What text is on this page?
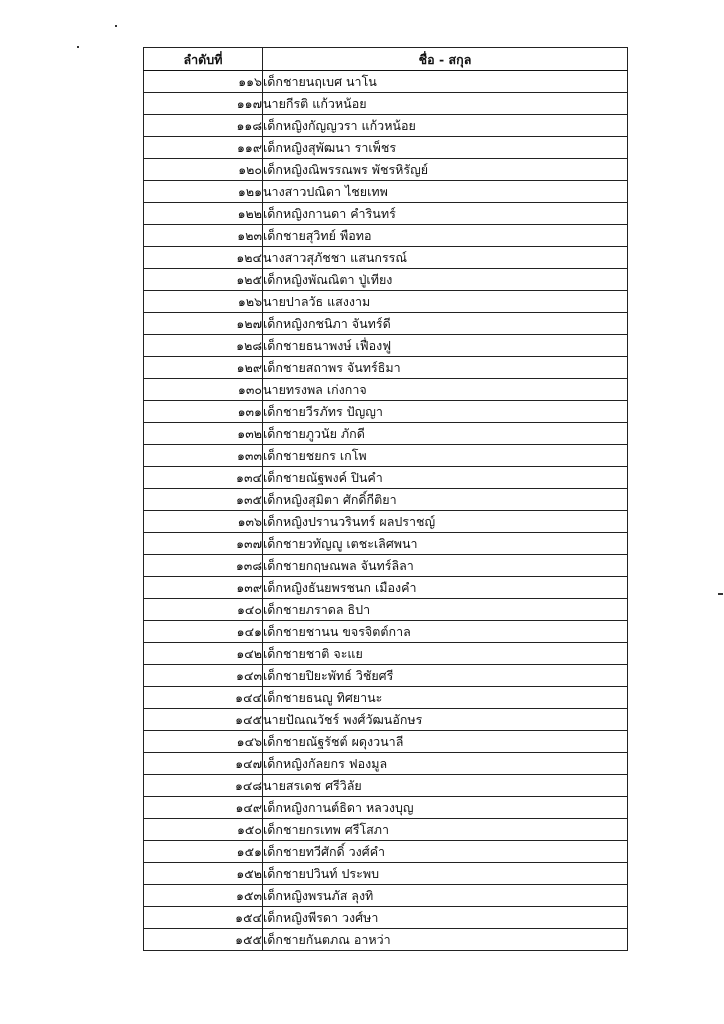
ลำดับที่	ชื่อ - สกุล
๑๑๖	เด็กชายนฤเบศ นาโน
๑๑๗	นายกีรติ แก้วหน้อย
๑๑๘	เด็กหญิงกัญญวรา แก้วหน้อย
๑๑๙	เด็กหญิงสุพัฒนา ราเพ็ชร
๑๒๐	เด็กหญิงณิพรรณพร พัชรหิรัญย์
๑๒๑	นางสาวปณิดา ไชยเทพ
๑๒๒	เด็กหญิงกานดา คำรินทร์
๑๒๓	เด็กชายสุวิทย์ พือทอ
๑๒๔	นางสาวสุภัชชา แสนกรรณ์
๑๒๕	เด็กหญิงพัณณิตา ปู่เทียง
๑๒๖	นายปาลวัธ แสงงาม
๑๒๗	เด็กหญิงกชนิภา จันทร์ดี
๑๒๘	เด็กชายธนาพงษ์ เฟื่องฟู
๑๒๙	เด็กชายสถาพร จันทร์ธิมา
๑๓๐	นายทรงพล เก่งกาจ
๑๓๑	เด็กชายวีรภัทร ปัญญา
๑๓๒	เด็กชายภูวนัย ภักดี
๑๓๓	เด็กชายชยกร เกโพ
๑๓๔	เด็กชายณัฐพงค์ ปินคำ
๑๓๕	เด็กหญิงสุมิตา ศักดิ์กีติยา
๑๓๖	เด็กหญิงปรานวรินทร์ ผลปราชญ์
๑๓๗	เด็กชายวทัญญู เตชะเลิศพนา
๑๓๘	เด็กชายกฤษณพล จันทร์ลิลา
๑๓๙	เด็กหญิงธันยพรชนก เมืองคำ
๑๔๐	เด็กชายภราดล ธิปา
๑๔๑	เด็กชายชานน ขจรจิตต์กาล
๑๔๒	เด็กชายชาติ จะแย
๑๔๓	เด็กชายปิยะพัทธ์ วิชัยศรี
๑๔๔	เด็กชายธนญู ทิศยานะ
๑๔๕	นายปัณณวัชร์ พงศ์วัฒนอักษร
๑๔๖	เด็กชายณัฐรัชต์ ผดุงวนาลี
๑๔๗	เด็กหญิงกัลยกร ฟองมูล
๑๔๘	นายสรเดช ศรีวิลัย
๑๔๙	เด็กหญิงกานต์ธิดา หลวงบุญ
๑๕๐	เด็กชายกรเทพ ศรีโสภา
๑๕๑	เด็กชายทวีศักดิ์ วงศ์คำ
๑๕๒	เด็กชายปวินท์ ประพบ
๑๕๓	เด็กหญิงพรนภัส ลุงทิ
๑๕๔	เด็กหญิงพีรดา วงศ์ษา
๑๕๕	เด็กชายกันตภณ อาหว่า
